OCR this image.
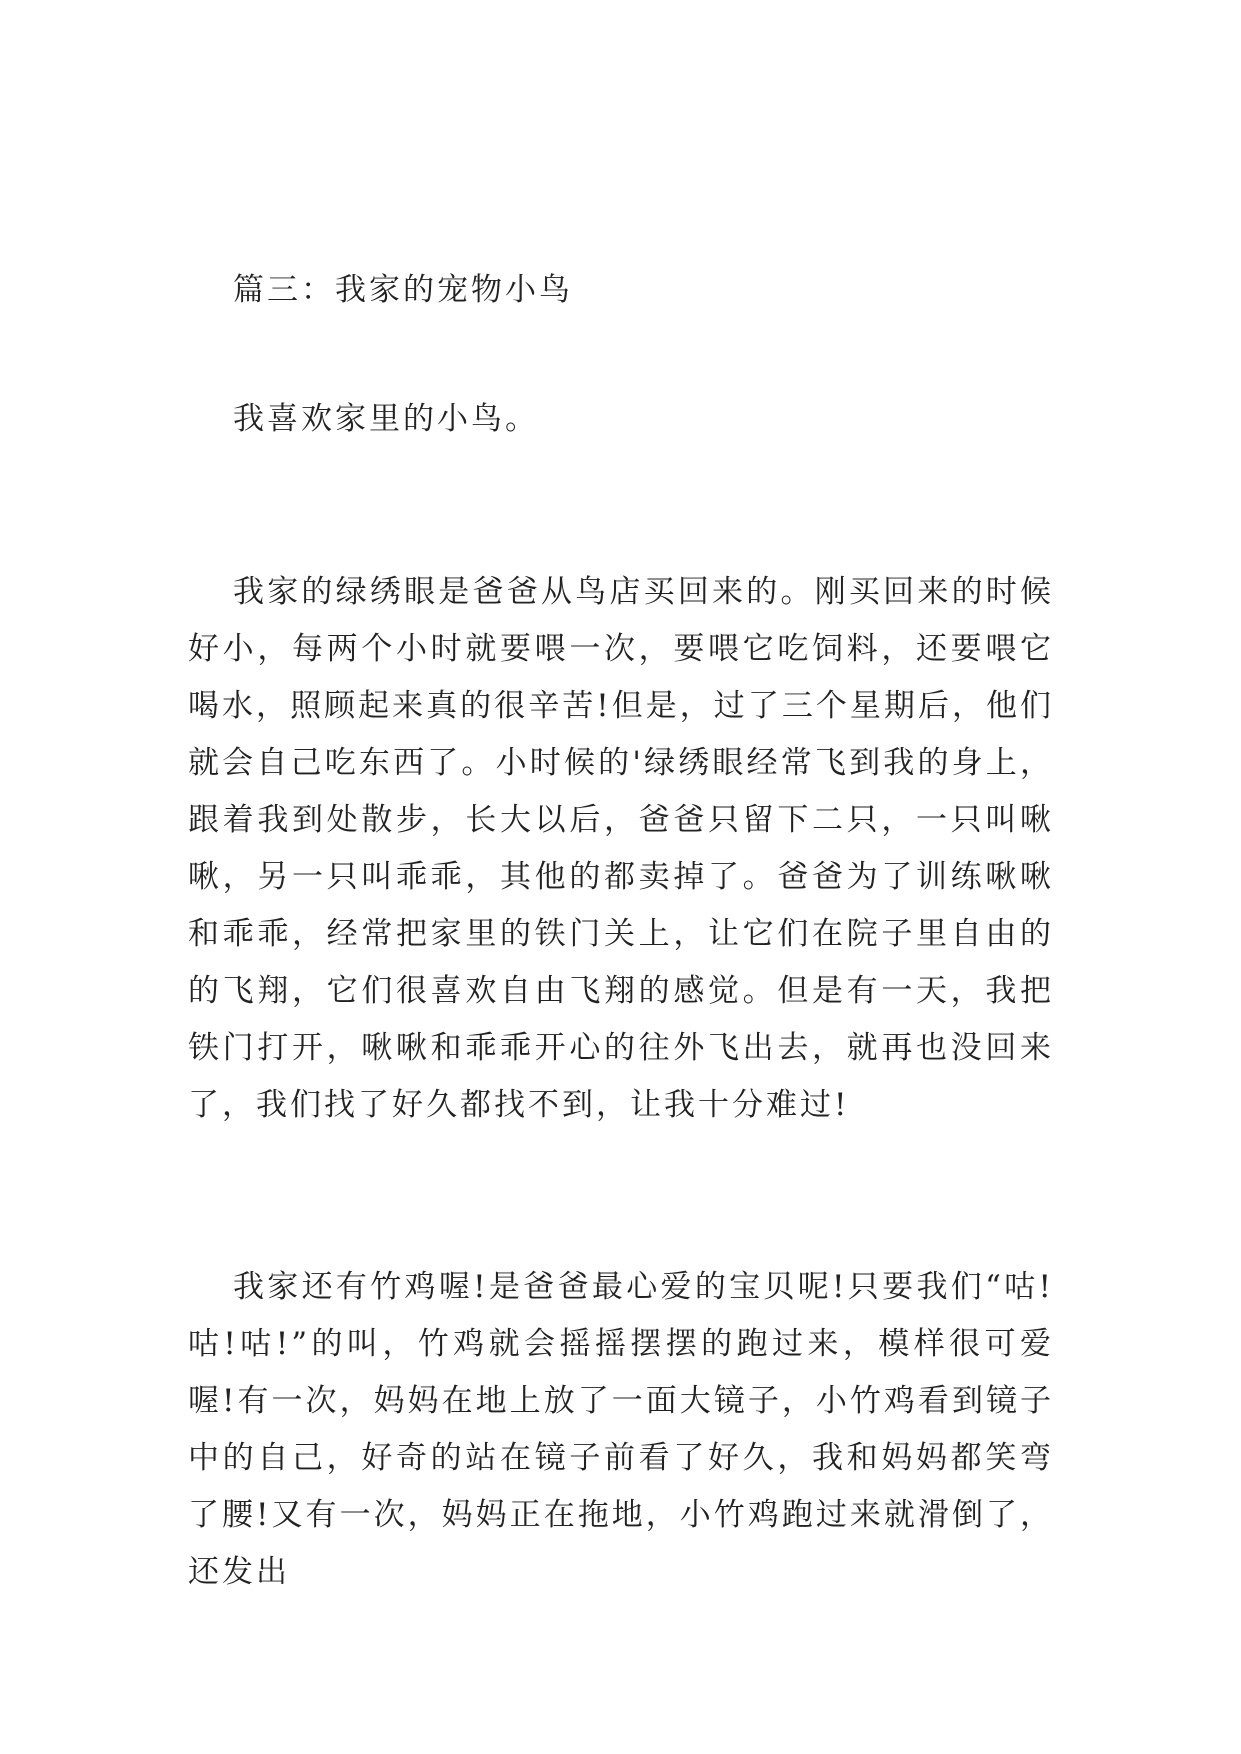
篇三：我家的宠物小鸟

我喜欢家里的小鸟。

我家的绿绣眼是爸爸从鸟店买回来的。刚买回来的时候好小，每两个小时就要喂一次，要喂它吃饲料，还要喂它喝水，照顾起来真的很辛苦!但是，过了三个星期后，他们就会自己吃东西了。小时候的'绿绣眼经常飞到我的身上，跟着我到处散步，长大以后，爸爸只留下二只，一只叫啾啾，另一只叫乖乖，其他的都卖掉了。爸爸为了训练啾啾和乖乖，经常把家里的铁门关上，让它们在院子里自由的的飞翔，它们很喜欢自由飞翔的感觉。但是有一天，我把铁门打开，啾啾和乖乖开心的往外飞出去，就再也没回来了，我们找了好久都找不到，让我十分难过!

我家还有竹鸡喔!是爸爸最心爱的宝贝呢!只要我们“咕!咕!咕!”的叫，竹鸡就会摇摇摆摆的跑过来，模样很可爱喔!有一次，妈妈在地上放了一面大镜子，小竹鸡看到镜子中的自己，好奇的站在镜子前看了好久，我和妈妈都笑弯了腰!又有一次，妈妈正在拖地，小竹鸡跑过来就滑倒了，还发出
